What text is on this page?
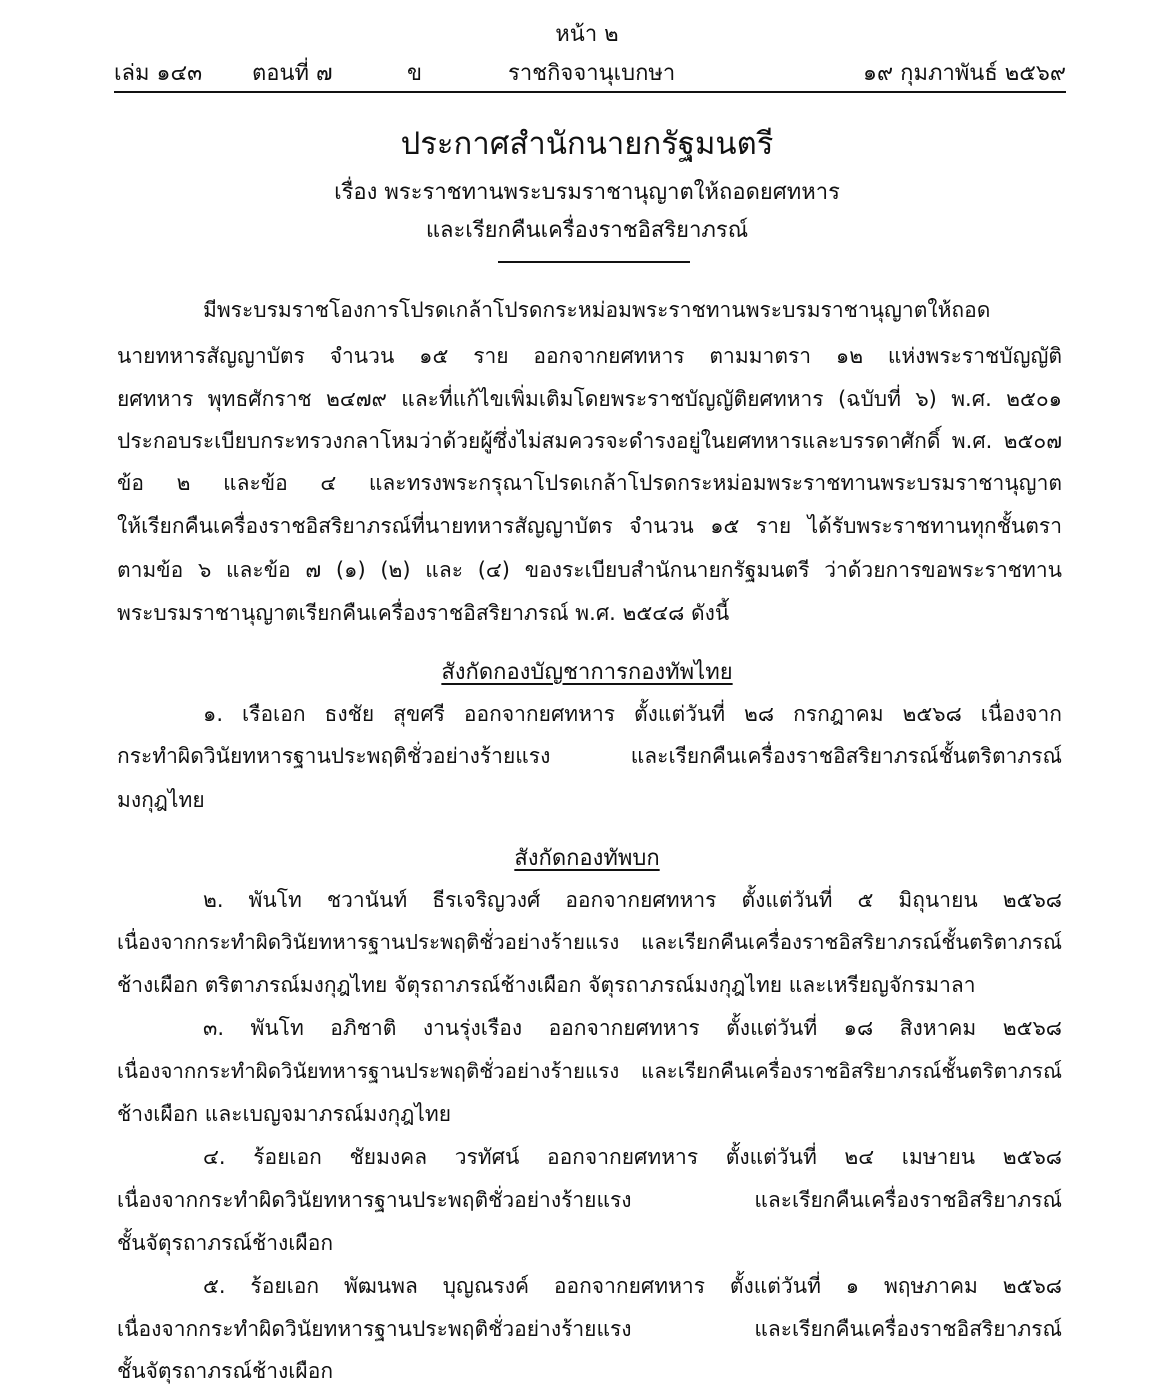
หน้า ๒
เล่ม ๑๔๓ ตอนที่ ๗	ข	ราชกิจจานุเบกษา	๑๙ กุมภาพันธ์ ๒๕๖๙
ประกาศสำนักนายกรัฐมนตรี
เรื่อง พระราชทานพระบรมราชานุญาตให้ถอดยศทหาร
และเรียกคืนเครื่องราชอิสริยาภรณ์
มีพระบรมราชโองการโปรดเกล้าโปรดกระหม่อมพระราชทานพระบรมราชานุญาตให้ถอด
นายทหารสัญญาบัตร จำนวน ๑๕ ราย ออกจากยศทหาร ตามมาตรา ๑๒ แห่งพระราชบัญญัติ
ยศทหาร พุทธศักราช ๒๔๗๙ และที่แก้ไขเพิ่มเติมโดยพระราชบัญญัติยศทหาร (ฉบับที่ ๖) พ.ศ. ๒๕๐๑
ประกอบระเบียบกระทรวงกลาโหมว่าด้วยผู้ซึ่งไม่สมควรจะดำรงอยู่ในยศทหารและบรรดาศักดิ์ พ.ศ. ๒๕๐๗
ข้อ ๒ และข้อ ๔ และทรงพระกรุณาโปรดเกล้าโปรดกระหม่อมพระราชทานพระบรมราชานุญาต
ให้เรียกคืนเครื่องราชอิสริยาภรณ์ที่นายทหารสัญญาบัตร จำนวน ๑๕ ราย ได้รับพระราชทานทุกชั้นตรา
ตามข้อ ๖ และข้อ ๗ (๑) (๒) และ (๔) ของระเบียบสำนักนายกรัฐมนตรี ว่าด้วยการขอพระราชทาน
พระบรมราชานุญาตเรียกคืนเครื่องราชอิสริยาภรณ์ พ.ศ. ๒๕๔๘ ดังนี้
สังกัดกองบัญชาการกองทัพไทย
๑. เรือเอก ธงชัย สุขศรี ออกจากยศทหาร ตั้งแต่วันที่ ๒๘ กรกฎาคม ๒๕๖๘ เนื่องจาก
กระทำผิดวินัยทหารฐานประพฤติชั่วอย่างร้ายแรง และเรียกคืนเครื่องราชอิสริยาภรณ์ชั้นตริตาภรณ์
มงกุฎไทย
สังกัดกองทัพบก
๒. พันโท ชวานันท์ ธีรเจริญวงศ์ ออกจากยศทหาร ตั้งแต่วันที่ ๕ มิถุนายน ๒๕๖๘
เนื่องจากกระทำผิดวินัยทหารฐานประพฤติชั่วอย่างร้ายแรง และเรียกคืนเครื่องราชอิสริยาภรณ์ชั้นตริตาภรณ์
ช้างเผือก ตริตาภรณ์มงกุฎไทย จัตุรถาภรณ์ช้างเผือก จัตุรถาภรณ์มงกุฎไทย และเหรียญจักรมาลา
๓. พันโท อภิชาติ งานรุ่งเรือง ออกจากยศทหาร ตั้งแต่วันที่ ๑๘ สิงหาคม ๒๕๖๘
เนื่องจากกระทำผิดวินัยทหารฐานประพฤติชั่วอย่างร้ายแรง และเรียกคืนเครื่องราชอิสริยาภรณ์ชั้นตริตาภรณ์
ช้างเผือก และเบญจมาภรณ์มงกุฎไทย
๔. ร้อยเอก ชัยมงคล วรทัศน์ ออกจากยศทหาร ตั้งแต่วันที่ ๒๔ เมษายน ๒๕๖๘
เนื่องจากกระทำผิดวินัยทหารฐานประพฤติชั่วอย่างร้ายแรง และเรียกคืนเครื่องราชอิสริยาภรณ์
ชั้นจัตุรถาภรณ์ช้างเผือก
๕. ร้อยเอก พัฒนพล บุญณรงค์ ออกจากยศทหาร ตั้งแต่วันที่ ๑ พฤษภาคม ๒๕๖๘
เนื่องจากกระทำผิดวินัยทหารฐานประพฤติชั่วอย่างร้ายแรง และเรียกคืนเครื่องราชอิสริยาภรณ์
ชั้นจัตุรถาภรณ์ช้างเผือก
